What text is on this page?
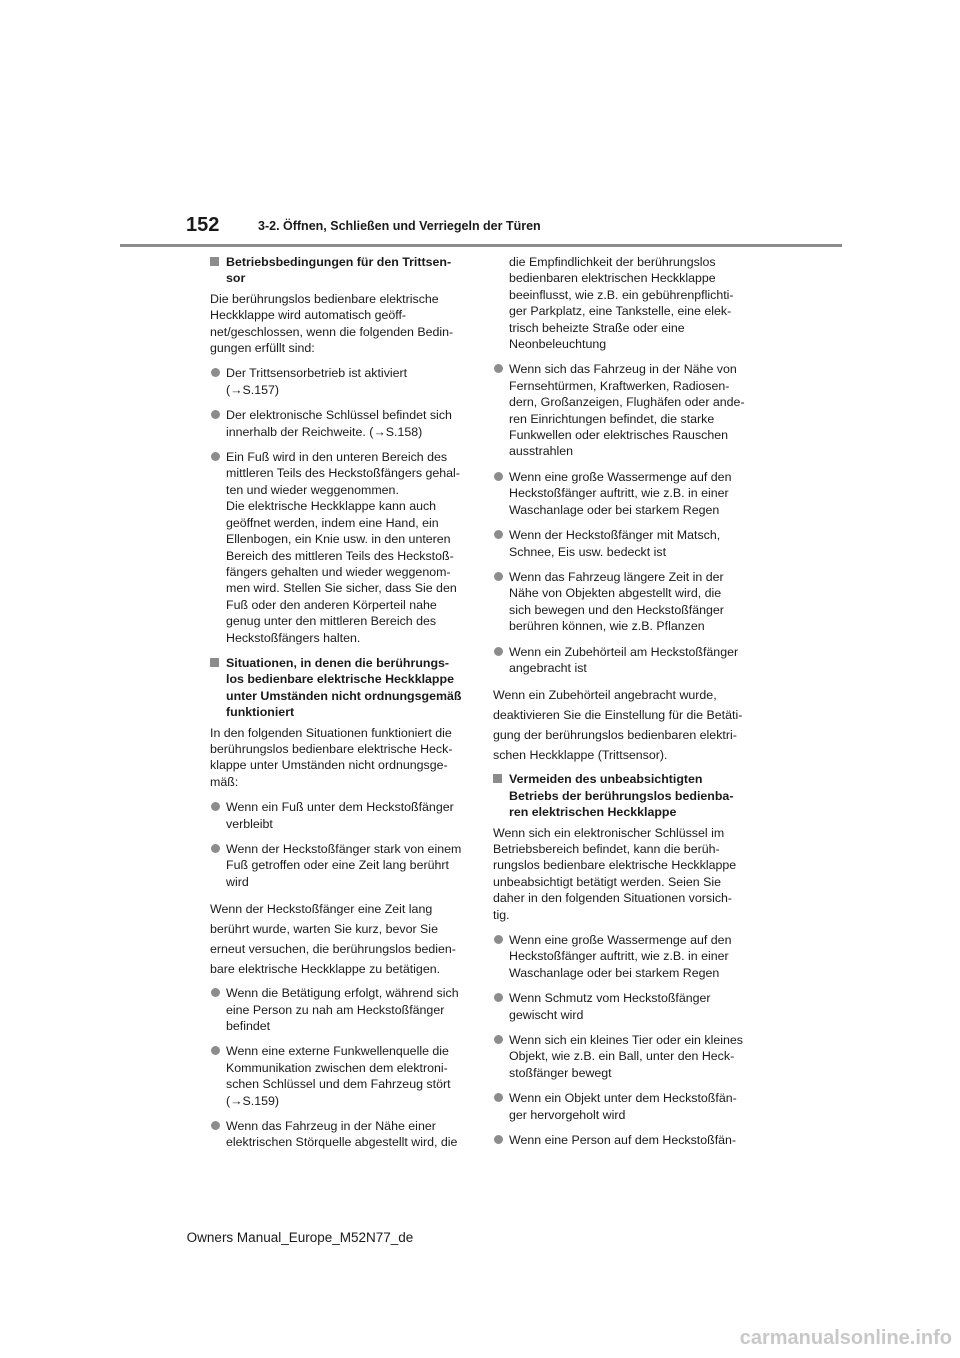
152	3-2. Öffnen, Schließen und Verriegeln der Türen
Betriebsbedingungen für den Trittsen-
sor
Die berührungslos bedienbare elektrische
Heckklappe wird automatisch geöff-
net/geschlossen, wenn die folgenden Bedin-
gungen erfüllt sind:
Der Trittsensorbetrieb ist aktiviert
(→S.157)
Der elektronische Schlüssel befindet sich
innerhalb der Reichweite. (→S.158)
Ein Fuß wird in den unteren Bereich des
mittleren Teils des Heckstoßfängers gehal-
ten und wieder weggenommen.
Die elektrische Heckklappe kann auch
geöffnet werden, indem eine Hand, ein
Ellenbogen, ein Knie usw. in den unteren
Bereich des mittleren Teils des Heckstoß-
fängers gehalten und wieder weggenom-
men wird. Stellen Sie sicher, dass Sie den
Fuß oder den anderen Körperteil nahe
genug unter den mittleren Bereich des
Heckstoßfängers halten.
Situationen, in denen die berührungs-
los bedienbare elektrische Heckklappe
unter Umständen nicht ordnungsgemäß
funktioniert
In den folgenden Situationen funktioniert die
berührungslos bedienbare elektrische Heck-
klappe unter Umständen nicht ordnungsge-
mäß:
Wenn ein Fuß unter dem Heckstoßfänger
verbleibt
Wenn der Heckstoßfänger stark von einem
Fuß getroffen oder eine Zeit lang berührt
wird
Wenn der Heckstoßfänger eine Zeit lang
berührt wurde, warten Sie kurz, bevor Sie
erneut versuchen, die berührungslos bedien-
bare elektrische Heckklappe zu betätigen.
Wenn die Betätigung erfolgt, während sich
eine Person zu nah am Heckstoßfänger
befindet
Wenn eine externe Funkwellenquelle die
Kommunikation zwischen dem elektroni-
schen Schlüssel und dem Fahrzeug stört
(→S.159)
Wenn das Fahrzeug in der Nähe einer
elektrischen Störquelle abgestellt wird, die
die Empfindlichkeit der berührungslos
bedienbaren elektrischen Heckklappe
beeinflusst, wie z.B. ein gebührenpflichti-
ger Parkplatz, eine Tankstelle, eine elek-
trisch beheizte Straße oder eine
Neonbeleuchtung
Wenn sich das Fahrzeug in der Nähe von
Fernsehtürmen, Kraftwerken, Radiosen-
dern, Großanzeigen, Flughäfen oder ande-
ren Einrichtungen befindet, die starke
Funkwellen oder elektrisches Rauschen
ausstrahlen
Wenn eine große Wassermenge auf den
Heckstoßfänger auftritt, wie z.B. in einer
Waschanlage oder bei starkem Regen
Wenn der Heckstoßfänger mit Matsch,
Schnee, Eis usw. bedeckt ist
Wenn das Fahrzeug längere Zeit in der
Nähe von Objekten abgestellt wird, die
sich bewegen und den Heckstoßfänger
berühren können, wie z.B. Pflanzen
Wenn ein Zubehörteil am Heckstoßfänger
angebracht ist
Wenn ein Zubehörteil angebracht wurde,
deaktivieren Sie die Einstellung für die Betäti-
gung der berührungslos bedienbaren elektri-
schen Heckklappe (Trittsensor).
Vermeiden des unbeabsichtigten
Betriebs der berührungslos bedienba-
ren elektrischen Heckklappe
Wenn sich ein elektronischer Schlüssel im
Betriebsbereich befindet, kann die berüh-
rungslos bedienbare elektrische Heckklappe
unbeabsichtigt betätigt werden. Seien Sie
daher in den folgenden Situationen vorsich-
tig.
Wenn eine große Wassermenge auf den
Heckstoßfänger auftritt, wie z.B. in einer
Waschanlage oder bei starkem Regen
Wenn Schmutz vom Heckstoßfänger
gewischt wird
Wenn sich ein kleines Tier oder ein kleines
Objekt, wie z.B. ein Ball, unter den Heck-
stoßfänger bewegt
Wenn ein Objekt unter dem Heckstoßfän-
ger hervorgeholt wird
Wenn eine Person auf dem Heckstoßfän-
Owners Manual_Europe_M52N77_de
carmanualsonline.info
